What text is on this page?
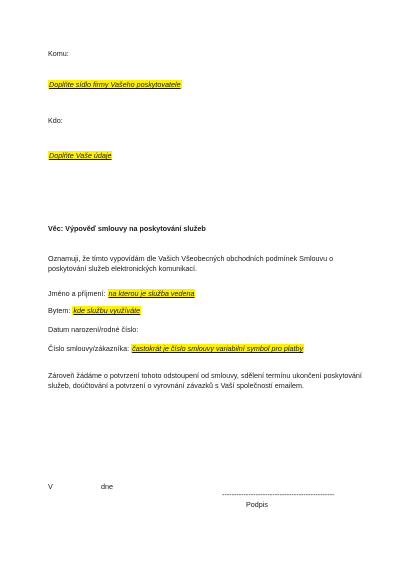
Komu:
Doplňte sídlo firmy Vašeho poskytovatele
Kdo:
Doplňte Vaše údaje
Věc: Výpověď smlouvy na poskytování služeb
Oznamuji, že tímto vypovídám dle Vašich Všeobecných obchodních podmínek Smlouvu o poskytování služeb elektronických komunikací.
Jméno a příjmení: na kterou je služba vedena
Bytem: kde službu využíváte
Datum narození/rodné číslo:
Číslo smlouvy/zákazníka: častokrát je číslo smlouvy variabilní symbol pro platby
Zároveň žádáme o potvrzení tohoto odstoupení od smlouvy, sdělení termínu ukončení poskytování služeb, doúčtování a potvrzení o vyrovnání závazků s Vaší společností emailem.
V	dne
-----------------------------------------------
Podpis
